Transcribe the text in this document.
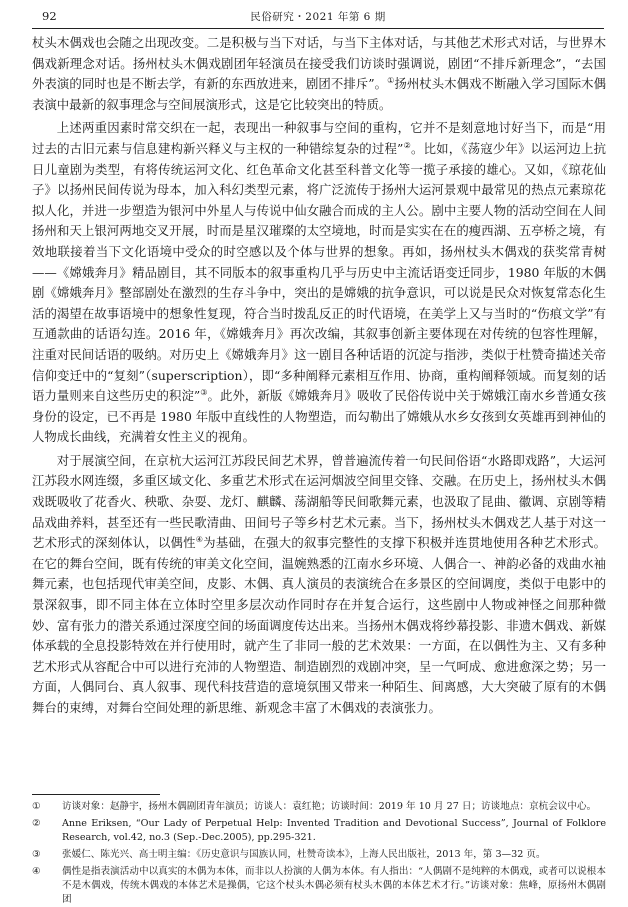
92	民俗研究・2021 年第 6 期

杖头木偶戏也会随之出现改变。二是积极与当下对话，与当下主体对话，与其他艺术形式对话，与世界木偶戏新理念对话。扬州杖头木偶戏剧团年轻演员在接受我们访谈时强调说，剧团“不排斥新理念”，“去国外表演的同时也是不断去学，有新的东西放进来，剧团不排斥”。①扬州杖头木偶戏不断融入学习国际木偶表演中最新的叙事理念与空间展演形式，这是它比较突出的特质。

上述两重因素时常交织在一起，表现出一种叙事与空间的重构，它并不是刻意地讨好当下，而是“用过去的古旧元素与信息建构新兴释义与主权的一种错综复杂的过程”②。比如，《荡寇少年》以运河边上抗日儿童剧为类型，有将传统运河文化、红色革命文化甚至科普文化等一揽子承接的雄心。又如，《琼花仙子》以扬州民间传说为母本，加入科幻类型元素，将广泛流传于扬州大运河景观中最常见的热点元素琼花拟人化，并进一步塑造为银河中外星人与传说中仙女融合而成的主人公。剧中主要人物的活动空间在人间扬州和天上银河两地交叉开展，时而是星汉璀璨的太空境地，时而是实实在在的瘦西湖、五亭桥之境，有效地联接着当下文化语境中受众的时空感以及个体与世界的想象。再如，扬州杖头木偶戏的获奖常青树——《嫦娥奔月》精品剧目，其不同版本的叙事重构几乎与历史中主流话语变迁同步，1980 年版的木偶剧《嫦娥奔月》整部剧处在激烈的生存斗争中，突出的是嫦娥的抗争意识，可以说是民众对恢复常态化生活的渴望在故事语境中的想象性复现，符合当时拨乱反正的时代语境，在美学上又与当时的“伤痕文学”有互通款曲的话语勾连。2016 年，《嫦娥奔月》再次改编，其叙事创新主要体现在对传统的包容性理解，注重对民间话语的吸纳。对历史上《嫦娥奔月》这一剧目各种话语的沉淀与指涉，类似于杜赞奇描述关帝信仰变迁中的“复刻”（superscription），即“多种阐释元素相互作用、协商，重构阐释领域。而复刻的话语力量则来自这些历史的积淀”③。此外，新版《嫦娥奔月》吸收了民俗传说中关于嫦娥江南水乡普通女孩身份的设定，已不再是 1980 年版中直线性的人物塑造，而勾勒出了嫦娥从水乡女孩到女英雄再到神仙的人物成长曲线，充满着女性主义的视角。

对于展演空间，在京杭大运河江苏段民间艺术界，曾普遍流传着一句民间俗语“水路即戏路”，大运河江苏段水网连缀，多重区域文化、多重艺术形式在运河烟波空间里交锋、交融。在历史上，扬州杖头木偶戏既吸收了花香火、秧歌、杂耍、龙灯、麒麟、荡湖船等民间歌舞元素，也汲取了昆曲、徽调、京剧等精品戏曲养料，甚至还有一些民歌清曲、田间号子等乡村艺术元素。当下，扬州杖头木偶戏艺人基于对这一艺术形式的深刻体认，以偶性④为基础，在强大的叙事完整性的支撑下积极并连贯地使用各种艺术形式。在它的舞台空间，既有传统的审美文化空间，温婉熟悉的江南水乡环境、人偶合一、神韵必备的戏曲水袖舞元素，也包括现代审美空间，皮影、木偶、真人演员的表演统合在多景区的空间调度，类似于电影中的景深叙事，即不同主体在立体时空里多层次动作同时存在并复合运行，这些剧中人物或神怪之间那种微妙、富有张力的潜关系通过深度空间的场面调度传达出来。当扬州木偶戏将纱幕投影、非遗木偶戏、新媒体承载的全息投影特效在并行使用时，就产生了非同一般的艺术效果：一方面，在以偶性为主、又有多种艺术形式从容配合中可以进行充沛的人物塑造、制造剧烈的戏剧冲突，呈一气呵成、愈进愈深之势；另一方面，人偶同台、真人叙事、现代科技营造的意境氛围又带来一种陌生、间离感，大大突破了原有的木偶舞台的束缚，对舞台空间处理的新思维、新观念丰富了木偶戏的表演张力。

① 访谈对象：赵静宇，扬州木偶剧团青年演员；访谈人：袁红艳；访谈时间：2019 年 10 月 27 日；访谈地点：京杭会议中心。
② Anne Eriksen, “Our Lady of Perpetual Help: Invented Tradition and Devotional Success”, Journal of Folklore Research, vol.42, no.3 (Sep.-Dec.2005), pp.295-321.
③ 张媛仁、陈光兴、高士明主编：《历史意识与国族认同，杜赞奇读本》，上海人民出版社，2013 年，第 3—32 页。
④ 偶性是指表演活动中以真实的木偶为本体，而非以人扮演的人偶为本体。有人指出：“人偶剧不是纯粹的木偶戏，或者可以说根本不是木偶戏，传统木偶戏的本体艺术是操偶，它这个杖头木偶必须有杖头木偶的本体艺术才行。”访谈对象：焦峰，原扬州木偶剧团
